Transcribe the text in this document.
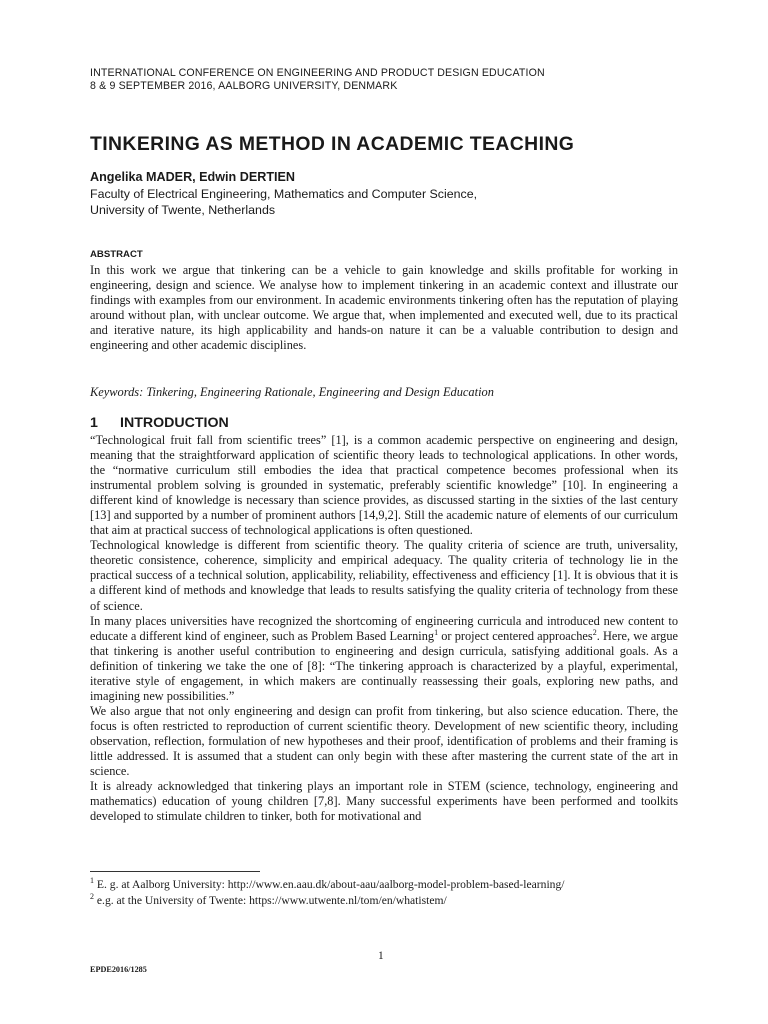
INTERNATIONAL CONFERENCE ON ENGINEERING AND PRODUCT DESIGN EDUCATION
8 & 9 SEPTEMBER 2016, AALBORG UNIVERSITY, DENMARK
TINKERING AS METHOD IN ACADEMIC TEACHING
Angelika MADER, Edwin DERTIEN
Faculty of Electrical Engineering, Mathematics and Computer Science,
University of Twente, Netherlands
ABSTRACT

In this work we argue that tinkering can be a vehicle to gain knowledge and skills profitable for working in engineering, design and science. We analyse how to implement tinkering in an academic context and illustrate our findings with examples from our environment. In academic environments tinkering often has the reputation of playing around without plan, with unclear outcome. We argue that, when implemented and executed well, due to its practical and iterative nature, its high applicability and hands-on nature it can be a valuable contribution to design and engineering and other academic disciplines.

Keywords: Tinkering, Engineering Rationale, Engineering and Design Education
1 INTRODUCTION

“Technological fruit fall from scientific trees” [1], is a common academic perspective on engineering and design, meaning that the straightforward application of scientific theory leads to technological applications. In other words, the “normative curriculum still embodies the idea that practical competence becomes professional when its instrumental problem solving is grounded in systematic, preferably scientific knowledge” [10]. In engineering a different kind of knowledge is necessary than science provides, as discussed starting in the sixties of the last century [13] and supported by a number of prominent authors [14,9,2]. Still the academic nature of elements of our curriculum that aim at practical success of technological applications is often questioned.

Technological knowledge is different from scientific theory. The quality criteria of science are truth, universality, theoretic consistence, coherence, simplicity and empirical adequacy. The quality criteria of technology lie in the practical success of a technical solution, applicability, reliability, effectiveness and efficiency [1]. It is obvious that it is a different kind of methods and knowledge that leads to results satisfying the quality criteria of technology from these of science.

In many places universities have recognized the shortcoming of engineering curricula and introduced new content to educate a different kind of engineer, such as Problem Based Learning$^1$ or project centered approaches$^2$. Here, we argue that tinkering is another useful contribution to engineering and design curricula, satisfying additional goals. As a definition of tinkering we take the one of [8]: “The tinkering approach is characterized by a playful, experimental, iterative style of engagement, in which makers are continually reassessing their goals, exploring new paths, and imagining new possibilities.”

We also argue that not only engineering and design can profit from tinkering, but also science education. There, the focus is often restricted to reproduction of current scientific theory. Development of new scientific theory, including observation, reflection, formulation of new hypotheses and their proof, identification of problems and their framing is little addressed. It is assumed that a student can only begin with these after mastering the current state of the art in science.

It is already acknowledged that tinkering plays an important role in STEM (science, technology, engineering and mathematics) education of young children [7,8]. Many successful experiments have been performed and toolkits developed to stimulate children to tinker, both for motivational and

$^1$ E. g. at Aalborg University: http://www.en.aau.dk/about-aau/aalborg-model-problem-based-learning/
$^2$ e.g. at the University of Twente: https://www.utwente.nl/tom/en/whatistem/
EPDE2016/1285
1
